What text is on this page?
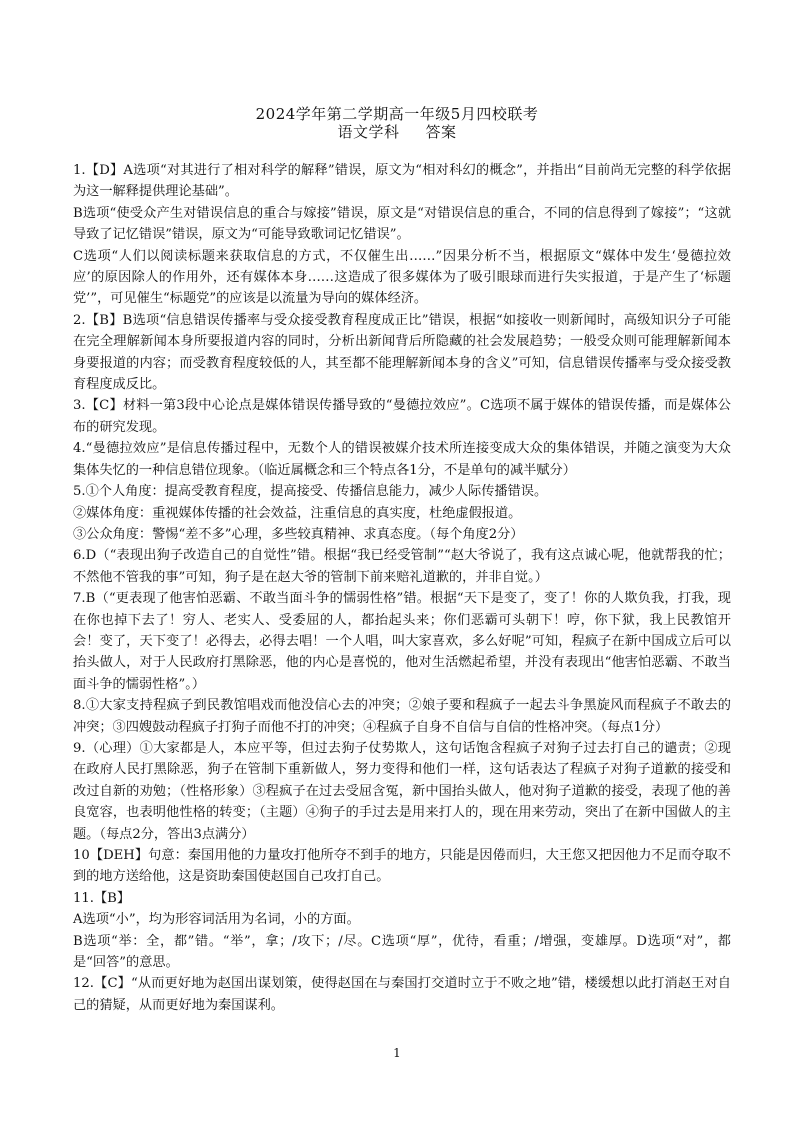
2024学年第二学期高一年级5月四校联考
语文学科 答案

1.【D】A选项“对其进行了相对科学的解释”错误，原文为“相对科幻的概念”，并指出“目前尚无完整的科学依据为这一解释提供理论基础”。

B选项“使受众产生对错误信息的重合与嫁接”错误，原文是“对错误信息的重合，不同的信息得到了嫁接”；“这就导致了记忆错误”错误，原文为“可能导致歌词记忆错误”。

C选项“人们以阅读标题来获取信息的方式，不仅催生出……”因果分析不当，根据原文“媒体中发生‘曼德拉效应’的原因除人的作用外，还有媒体本身……这造成了很多媒体为了吸引眼球而进行失实报道，于是产生了‘标题党’”，可见催生“标题党”的应该是以流量为导向的媒体经济。

2.【B】B选项“信息错误传播率与受众接受教育程度成正比”错误，根据“如接收一则新闻时，高级知识分子可能在完全理解新闻本身所要报道内容的同时，分析出新闻背后所隐藏的社会发展趋势；一般受众则可能理解新闻本身要报道的内容；而受教育程度较低的人，其至都不能理解新闻本身的含义”可知，信息错误传播率与受众接受教育程度成反比。

3.【C】材料一第3段中心论点是媒体错误传播导致的“曼德拉效应”。C选项不属于媒体的错误传播，而是媒体公布的研究发现。

4.“曼德拉效应”是信息传播过程中，无数个人的错误被媒介技术所连接变成大众的集体错误，并随之演变为大众集体失忆的一种信息错位现象。（临近属概念和三个特点各1分，不是单句的减半赋分）

5.①个人角度：提高受教育程度，提高接受、传播信息能力，减少人际传播错误。

②媒体角度：重视媒体传播的社会效益，注重信息的真实度，杜绝虚假报道。

③公众角度：警惕“差不多”心理，多些较真精神、求真态度。（每个角度2分）

6.D（“表现出狗子改造自己的自觉性”错。根据“我已经受管制”“赵大爷说了，我有这点诚心呢，他就帮我的忙；不然他不管我的事”可知，狗子是在赵大爷的管制下前来赔礼道歉的，并非自觉。）

7.B（“更表现了他害怕恶霸、不敢当面斗争的懦弱性格”错。根据“天下是变了，变了！你的人欺负我，打我，现在你也掉下去了！穷人、老实人、受委屈的人，都抬起头来；你们恶霸可头朝下！哼，你下狱，我上民教馆开会！变了，天下变了！必得去，必得去唱！一个人唱，叫大家喜欢，多么好呢”可知，程疯子在新中国成立后可以抬头做人，对于人民政府打黑除恶，他的内心是喜悦的，他对生活燃起希望，并没有表现出“他害怕恶霸、不敢当面斗争的懦弱性格”。）

8.①大家支持程疯子到民教馆唱戏而他没信心去的冲突；②娘子要和程疯子一起去斗争黑旋风而程疯子不敢去的冲突；③四嫂鼓动程疯子打狗子而他不打的冲突；④程疯子自身不自信与自信的性格冲突。（每点1分）

9.（心理）①大家都是人，本应平等，但过去狗子仗势欺人，这句话饱含程疯子对狗子过去打自己的谴责；②现在政府人民打黑除恶，狗子在管制下重新做人，努力变得和他们一样，这句话表达了程疯子对狗子道歉的接受和改过自新的劝勉；（性格形象）③程疯子在过去受屈含冤，新中国抬头做人，他对狗子道歉的接受，表现了他的善良宽容，也表明他性格的转变；（主题）④狗子的手过去是用来打人的，现在用来劳动，突出了在新中国做人的主题。（每点2分，答出3点满分）

10【DEH】句意：秦国用他的力量攻打他所夺不到手的地方，只能是因倦而归，大王您又把因他力不足而夺取不到的地方送给他，这是资助秦国使赵国自己攻打自己。

11.【B】

A选项“小”，均为形容词活用为名词，小的方面。

B选项“举：全，都”错。“举”，拿；/攻下；/尽。C选项“厚”，优待，看重；/增强，变雄厚。D选项“对”，都是“回答”的意思。

12.【C】“从而更好地为赵国出谋划策，使得赵国在与秦国打交道时立于不败之地”错，楼缓想以此打消赵王对自己的猜疑，从而更好地为秦国谋利。

1
